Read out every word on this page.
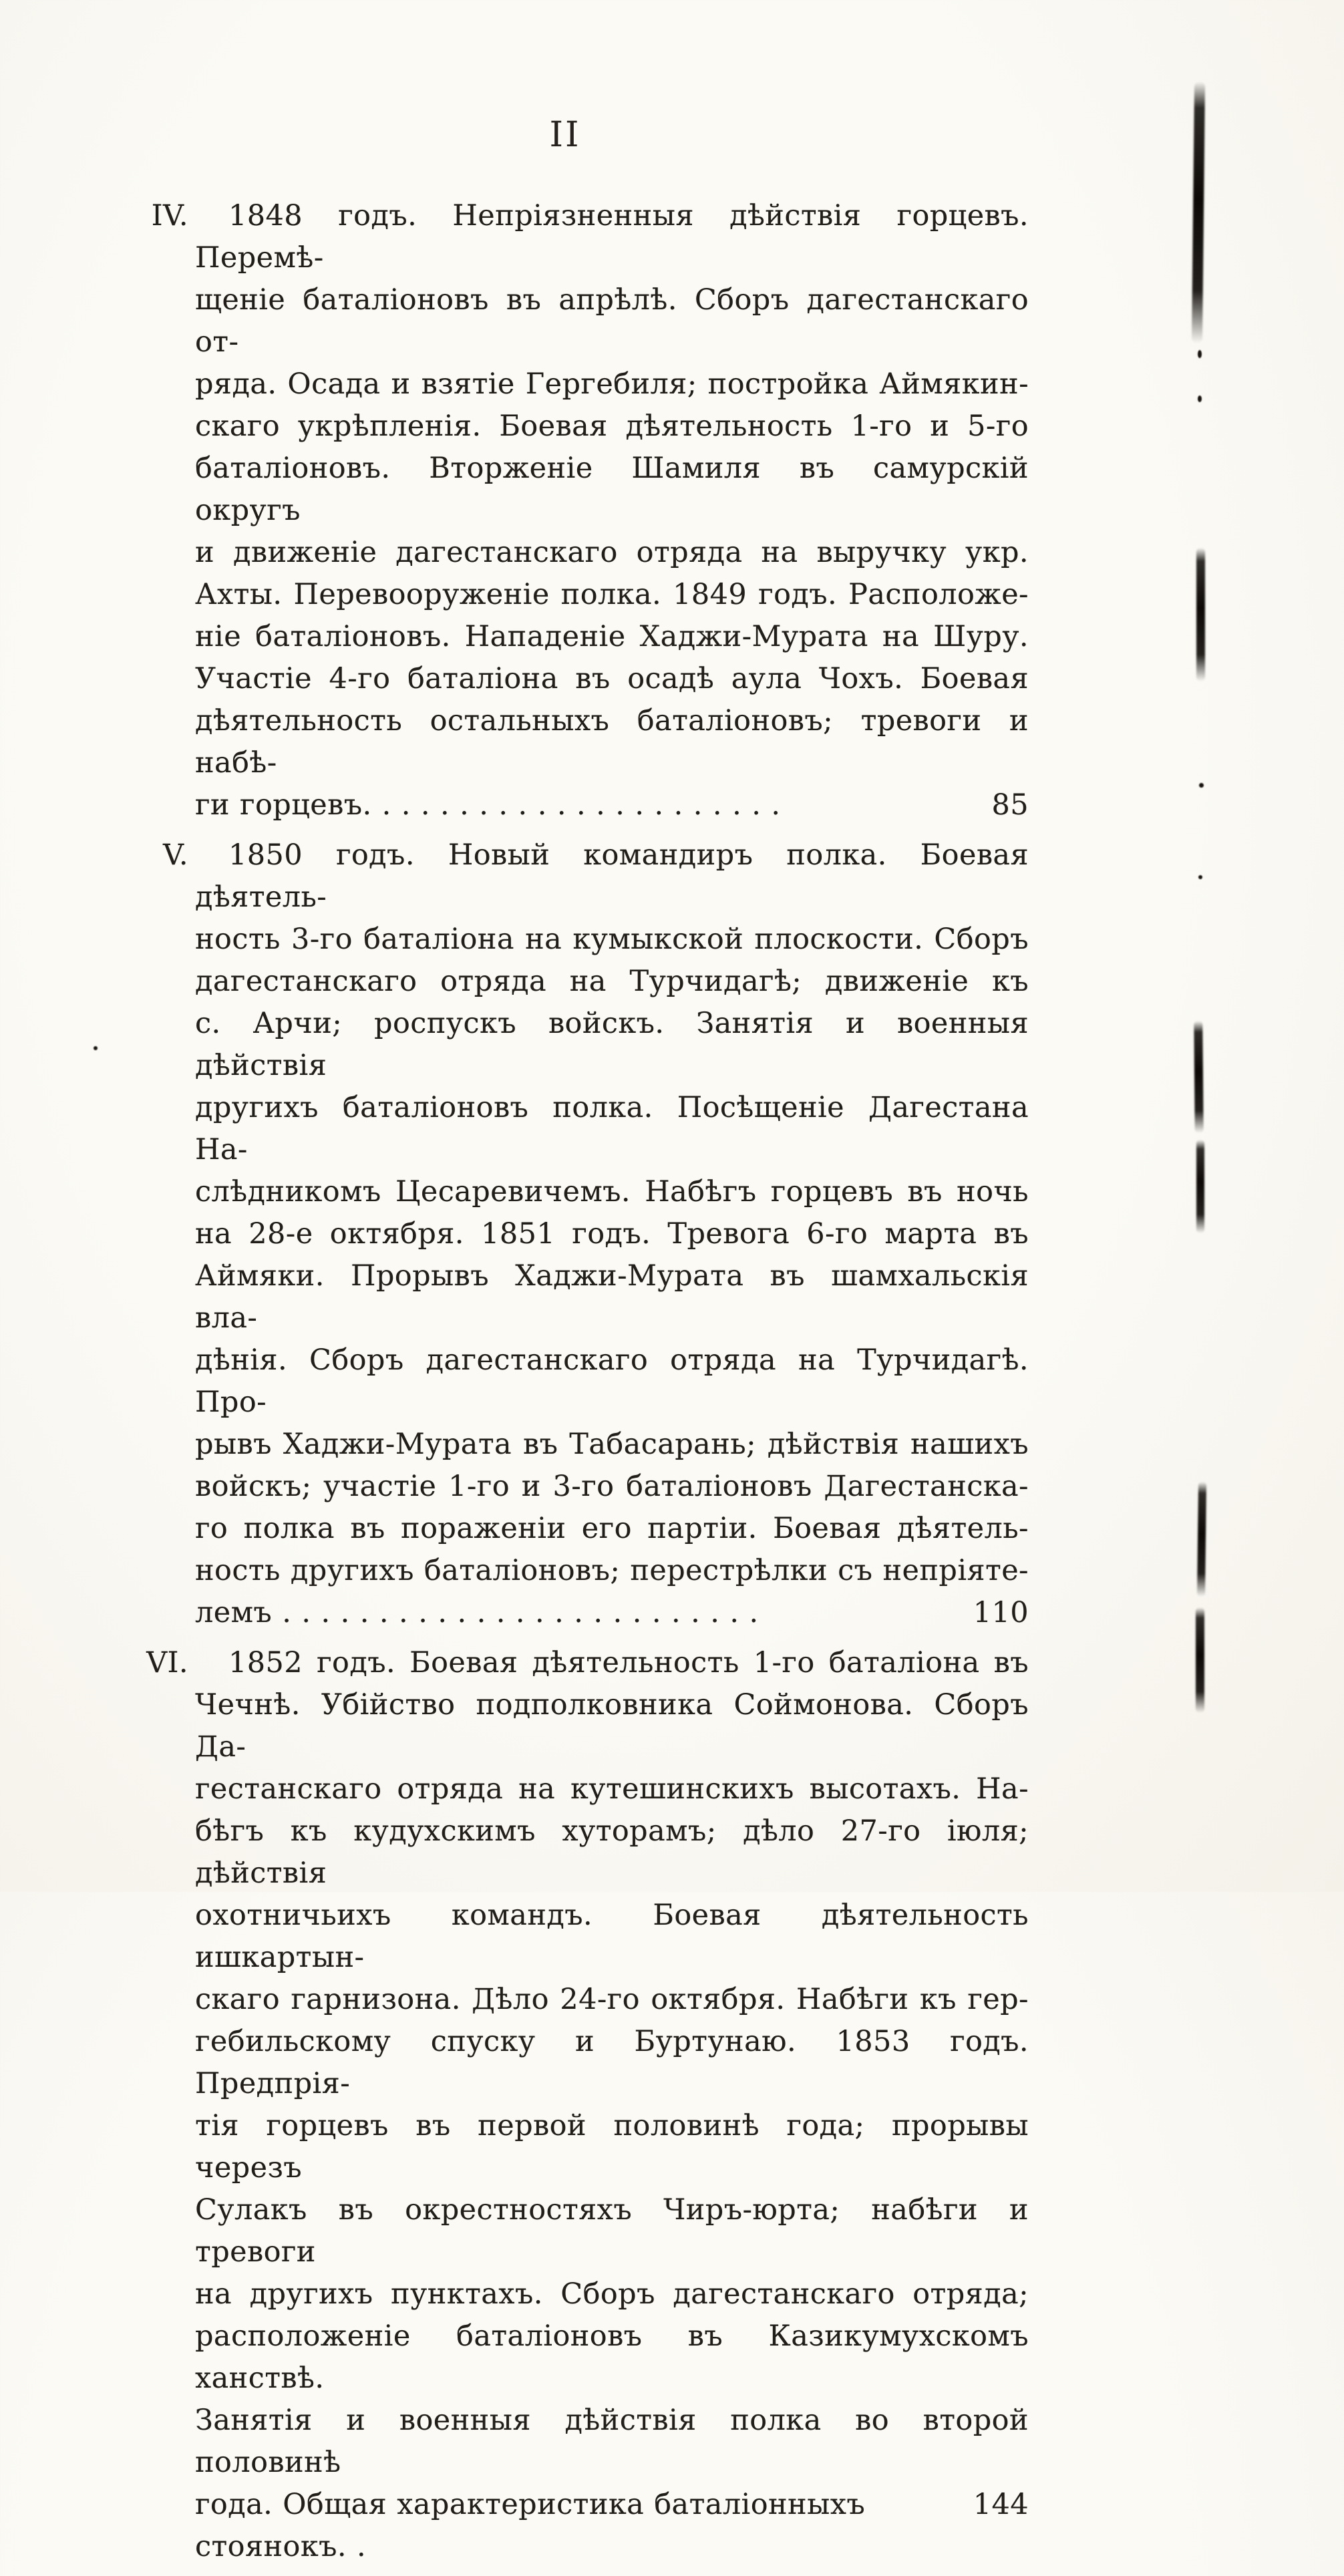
II
IV.	1848 годъ. Непріязненныя дѣйствія горцевъ. Перемѣ-
щеніе баталіоновъ въ апрѣлѣ. Сборъ дагестанскаго от-
ряда. Осада и взятіе Гергебиля; постройка Аймякин-
скаго укрѣпленія. Боевая дѣятельность 1-го и 5-го
баталіоновъ. Вторженіе Шамиля въ самурскій округъ
и движеніе дагестанскаго отряда на выручку укр.
Ахты. Перевооруженіе полка. 1849 годъ. Расположе-
ніе баталіоновъ. Нападеніе Хаджи-Мурата на Шуру.
Участіе 4-го баталіона въ осадѣ аула Чохъ. Боевая
дѣятельность остальныхъ баталіоновъ; тревоги и набѣ-
ги горцевъ. . . . . . . . . . . . . . . . . . . . . .	85
V.	1850 годъ. Новый командиръ полка. Боевая дѣятель-
ность 3-го баталіона на кумыкской плоскости. Сборъ
дагестанскаго отряда на Турчидагѣ; движеніе къ
с. Арчи; роспускъ войскъ. Занятія и военныя дѣйствія
другихъ баталіоновъ полка. Посѣщеніе Дагестана На-
слѣдникомъ Цесаревичемъ. Набѣгъ горцевъ въ ночь
на 28-е октября. 1851 годъ. Тревога 6-го марта въ
Аймяки. Прорывъ Хаджи-Мурата въ шамхальскія вла-
дѣнія. Сборъ дагестанскаго отряда на Турчидагѣ. Про-
рывъ Хаджи-Мурата въ Табасарань; дѣйствія нашихъ
войскъ; участіе 1-го и 3-го баталіоновъ Дагестанска-
го полка въ пораженіи его партіи. Боевая дѣятель-
ность другихъ баталіоновъ; перестрѣлки съ непріяте-
лемъ . . . . . . . . . . . . . . . . . . . . . . . . .	110
VI.	1852 годъ. Боевая дѣятельность 1-го баталіона въ
Чечнѣ. Убійство подполковника Соймонова. Сборъ Да-
гестанскаго отряда на кутешинскихъ высотахъ. На-
бѣгъ къ кудухскимъ хуторамъ; дѣло 27-го іюля; дѣйствія
охотничьихъ командъ. Боевая дѣятельность ишкартын-
скаго гарнизона. Дѣло 24-го октября. Набѣги къ гер-
гебильскому спуску и Буртунаю. 1853 годъ. Предпрія-
тія горцевъ въ первой половинѣ года; прорывы черезъ
Сулакъ въ окрестностяхъ Чиръ-юрта; набѣги и тревоги
на другихъ пунктахъ. Сборъ дагестанскаго отряда;
расположеніе баталіоновъ въ Казикумухскомъ ханствѣ.
Занятія и военныя дѣйствія полка во второй половинѣ
года. Общая характеристика баталіонныхъ стоянокъ. .
144
